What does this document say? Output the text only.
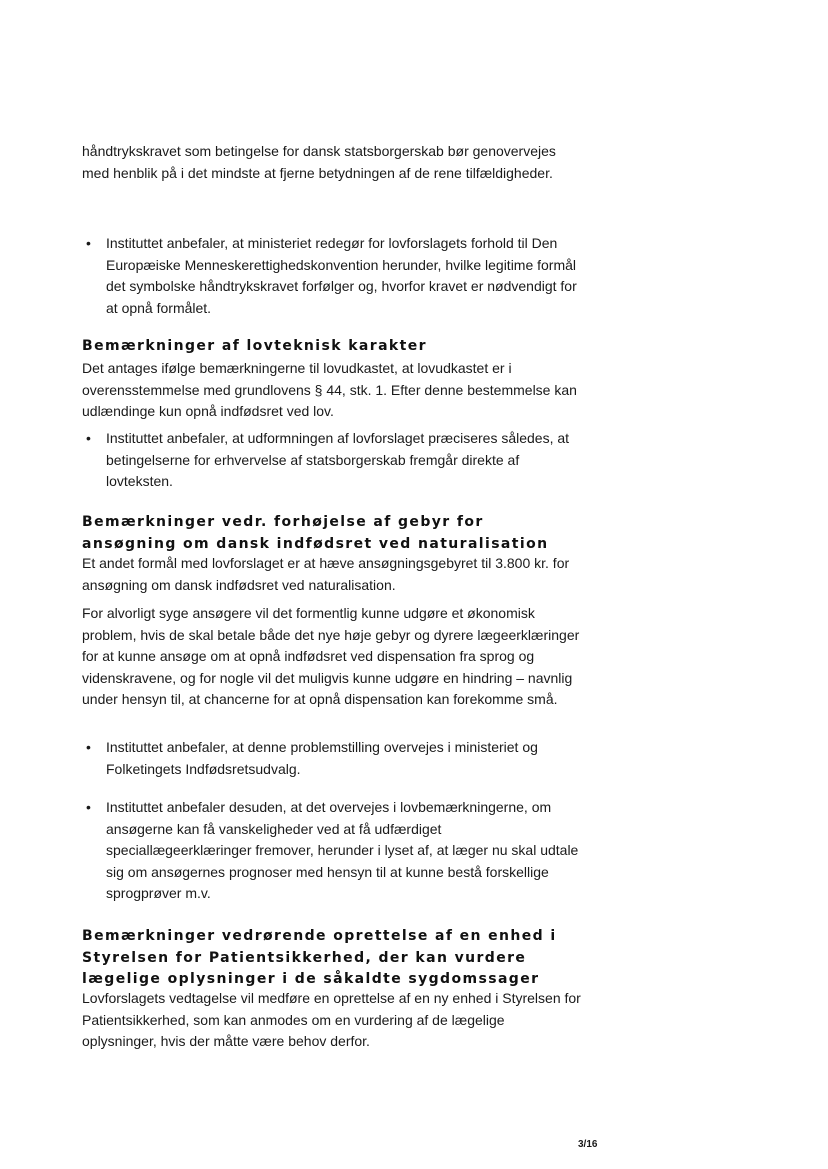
håndtrykskravet som betingelse for dansk statsborgerskab bør genovervejes med henblik på i det mindste at fjerne betydningen af de rene tilfældigheder.

• Instituttet anbefaler, at ministeriet redegør for lovforslagets forhold til Den Europæiske Menneskerettighedskonvention herunder, hvilke legitime formål det symbolske håndtrykskravet forfølger og, hvorfor kravet er nødvendigt for at opnå formålet.
Bemærkninger af lovteknisk karakter

Det antages ifølge bemærkningerne til lovudkastet, at lovudkastet er i overensstemmelse med grundlovens § 44, stk. 1. Efter denne bestemmelse kan udlændinge kun opnå indfødsret ved lov.

• Instituttet anbefaler, at udformningen af lovforslaget præciseres således, at betingelserne for erhvervelse af statsborgerskab fremgår direkte af lovteksten.
Bemærkninger vedr. forhøjelse af gebyr for ansøgning om dansk indfødsret ved naturalisation

Et andet formål med lovforslaget er at hæve ansøgningsgebyret til 3.800 kr. for ansøgning om dansk indfødsret ved naturalisation.

For alvorligt syge ansøgere vil det formentlig kunne udgøre et økonomisk problem, hvis de skal betale både det nye høje gebyr og dyrere lægeerklæringer for at kunne ansøge om at opnå indfødsret ved dispensation fra sprog og videnskravene, og for nogle vil det muligvis kunne udgøre en hindring – navnlig under hensyn til, at chancerne for at opnå dispensation kan forekomme små.

• Instituttet anbefaler, at denne problemstilling overvejes i ministeriet og Folketingets Indfødsretsudvalg.
• Instituttet anbefaler desuden, at det overvejes i lovbemærkningerne, om ansøgerne kan få vanskeligheder ved at få udfærdiget speciallægeerklæringer fremover, herunder i lyset af, at læger nu skal udtale sig om ansøgernes prognoser med hensyn til at kunne bestå forskellige sprogprøver m.v.
Bemærkninger vedrørende oprettelse af en enhed i Styrelsen for Patientsikkerhed, der kan vurdere lægelige oplysninger i de såkaldte sygdomssager

Lovforslagets vedtagelse vil medføre en oprettelse af en ny enhed i Styrelsen for Patientsikkerhed, som kan anmodes om en vurdering af de lægelige oplysninger, hvis der måtte være behov derfor.

3/16
